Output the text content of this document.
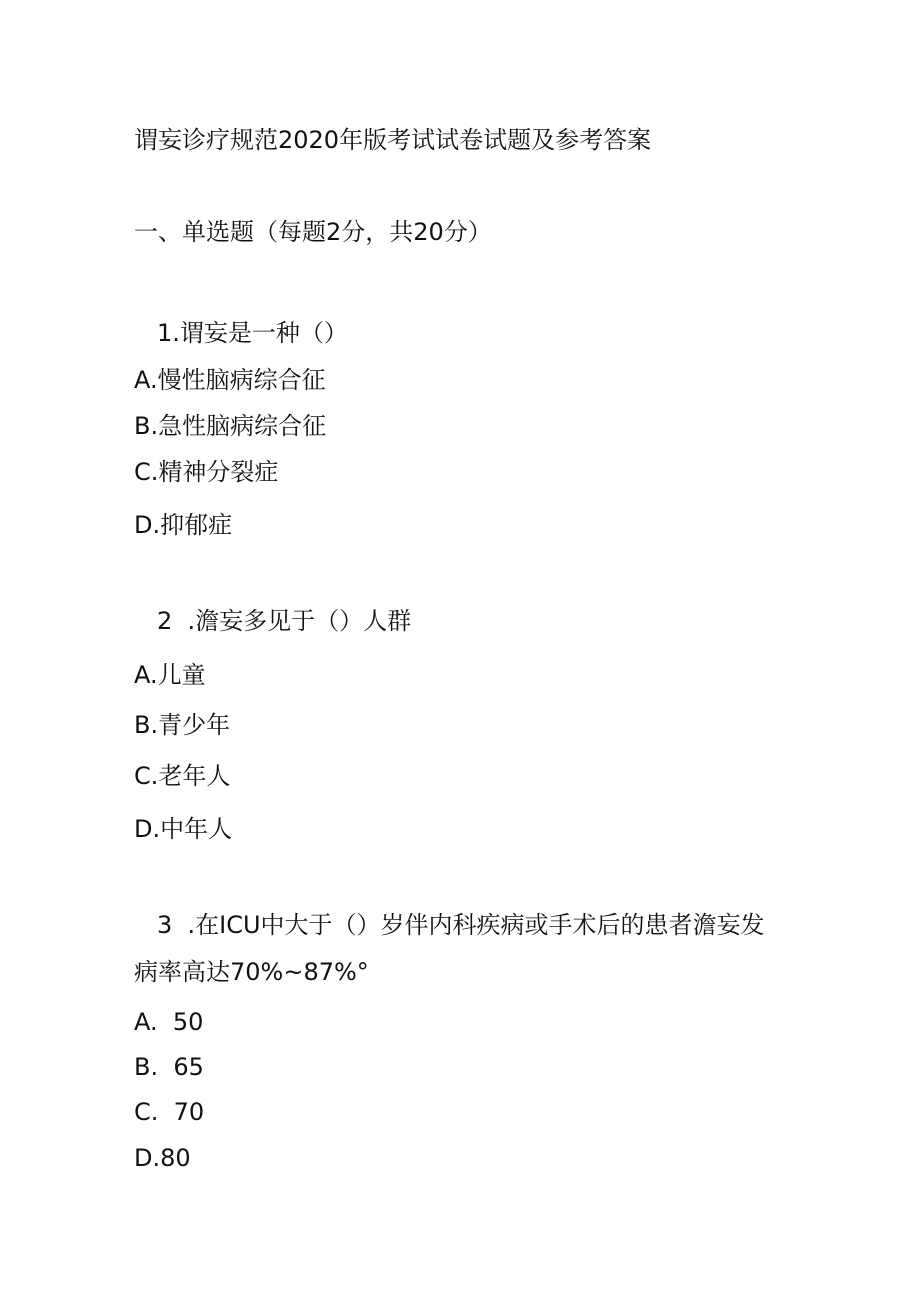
谓妄诊疗规范2020年版考试试卷试题及参考答案
一、单选题（每题2分，共20分）
1.谓妄是一种（）
A.慢性脑病综合征
B.急性脑病综合征
C.精神分裂症
D.抑郁症
2  .澹妄多见于（）人群
A.儿童
B.青少年
C.老年人
D.中年人
3  .在ICU中大于（）岁伴内科疾病或手术后的患者澹妄发
病率高达70%~87%°
A.  50
B.  65
C.  70
D.80
